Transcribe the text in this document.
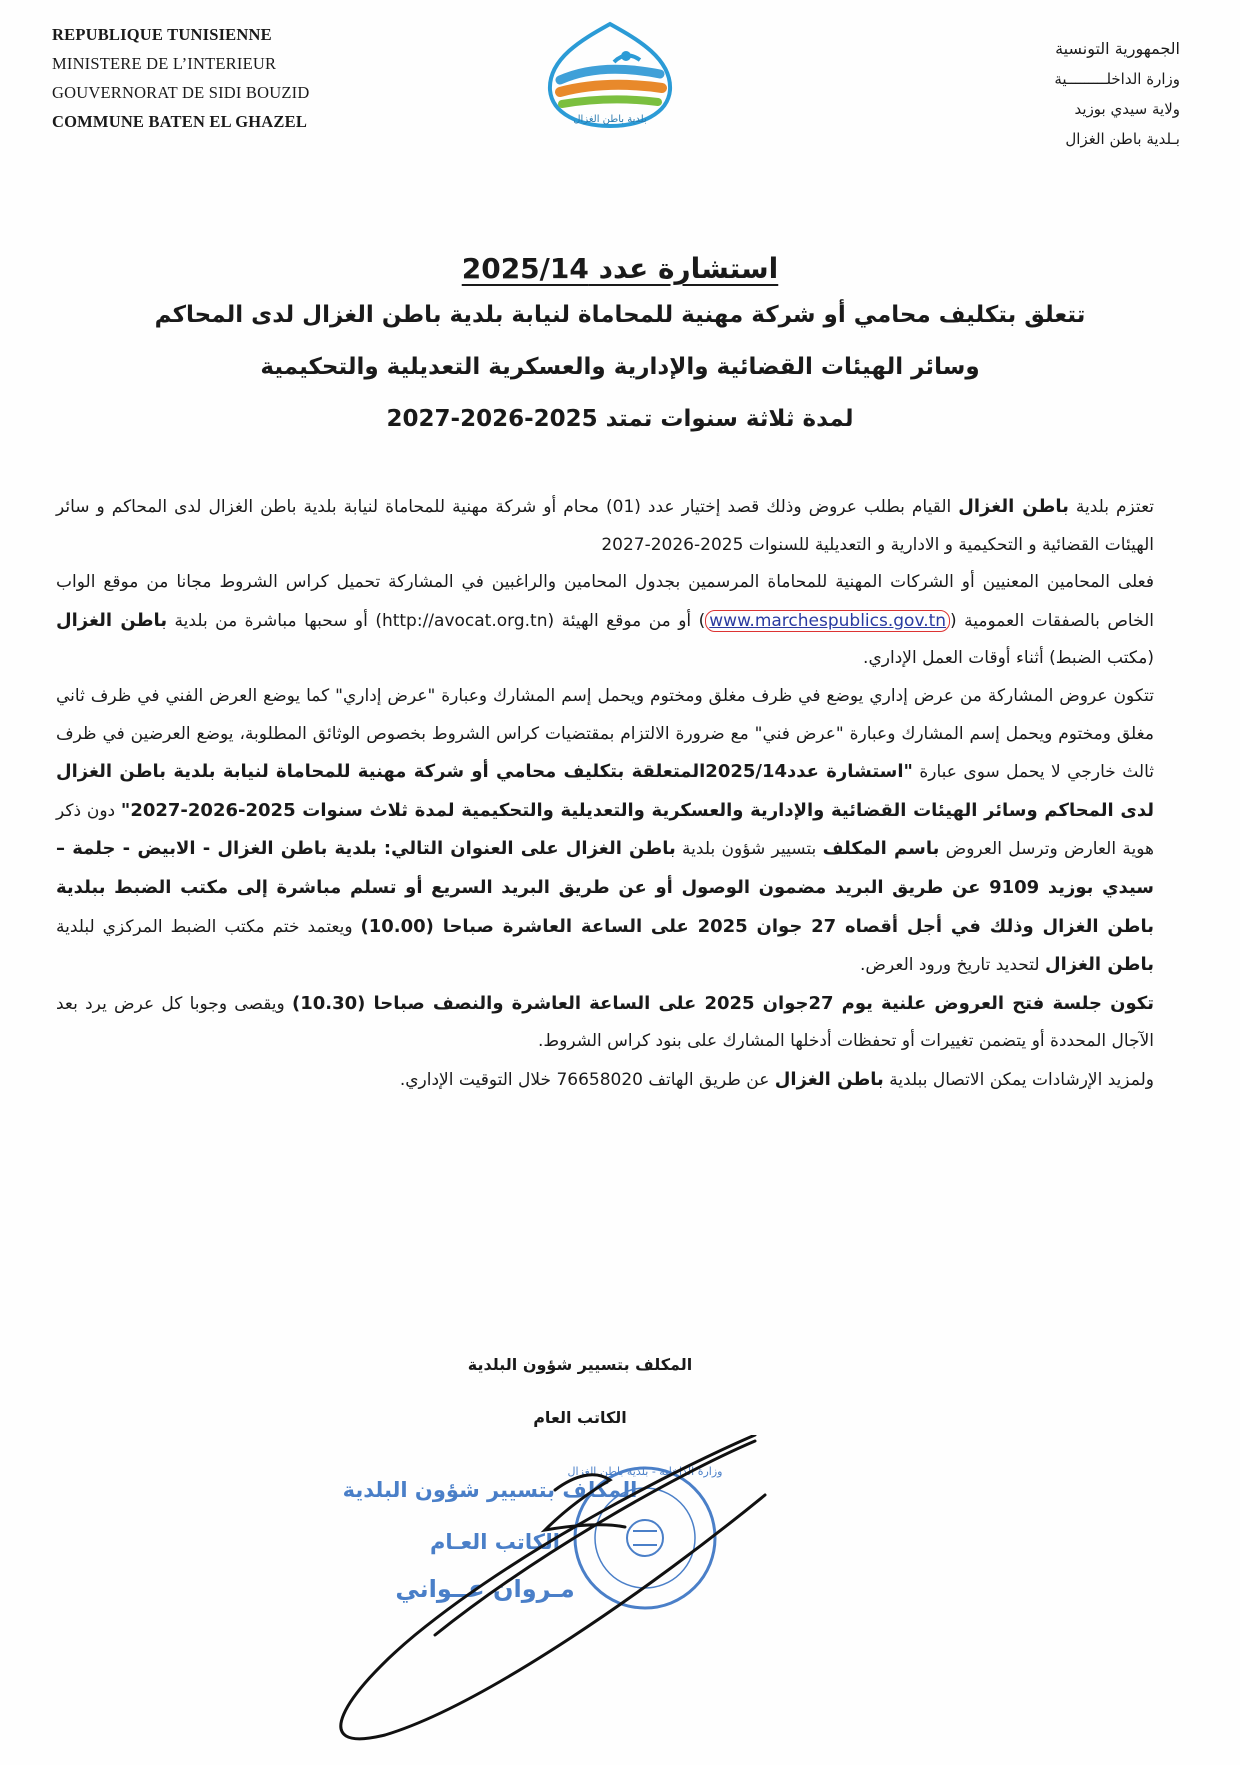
REPUBLIQUE TUNISIENNE
MINISTERE DE L’INTERIEUR
GOUVERNORAT DE SIDI BOUZID
COMMUNE BATEN EL GHAZEL	بلدية باطن الغزال
الجمهورية التونسية
وزارة الداخلـــــــــية
ولاية سيدي بوزيد
بـلدية باطن الغزال
استشارة عدد 2025/14
تتعلق بتكليف محامي أو شركة مهنية للمحاماة لنيابة بلدية باطن الغزال لدى المحاكم
وسائر الهيئات القضائية والإدارية والعسكرية التعديلية والتحكيمية
لمدة ثلاثة سنوات تمتد 2025-2026-2027

تعتزم بلدية باطن الغزال القيام بطلب عروض وذلك قصد إختيار عدد (01) محام أو شركة مهنية للمحاماة لنيابة بلدية باطن الغزال لدى المحاكم و سائر الهيئات القضائية و التحكيمية و الادارية و التعديلية للسنوات 2025-2026-2027

فعلى المحامين المعنيين أو الشركات المهنية للمحاماة المرسمين بجدول المحامين والراغبين في المشاركة تحميل كراس الشروط مجانا من موقع الواب الخاص بالصفقات العمومية (www.marchespublics.gov.tn) أو من موقع الهيئة (http://avocat.org.tn) أو سحبها مباشرة من بلدية باطن الغزال (مكتب الضبط) أثناء أوقات العمل الإداري.

تتكون عروض المشاركة من عرض إداري يوضع في ظرف مغلق ومختوم ويحمل إسم المشارك وعبارة "عرض إداري" كما يوضع العرض الفني في ظرف ثاني مغلق ومختوم ويحمل إسم المشارك وعبارة "عرض فني" مع ضرورة الالتزام بمقتضيات كراس الشروط بخصوص الوثائق المطلوبة، يوضع العرضين في ظرف ثالث خارجي لا يحمل سوى عبارة "استشارة عدد2025/14المتعلقة بتكليف محامي أو شركة مهنية للمحاماة لنيابة بلدية باطن الغزال لدى المحاكم وسائر الهيئات القضائية والإدارية والعسكرية والتعديلية والتحكيمية لمدة ثلاث سنوات 2025-2026-2027" دون ذكر هوية العارض وترسل العروض باسم المكلف بتسيير شؤون بلدية باطن الغزال على العنوان التالي: بلدية باطن الغزال - الابيض - جلمة – سيدي بوزيد 9109 عن طريق البريد مضمون الوصول أو عن طريق البريد السريع أو تسلم مباشرة إلى مكتب الضبط ببلدية باطن الغزال وذلك في أجل أقصاه 27 جوان 2025 على الساعة العاشرة صباحا (10.00) ويعتمد ختم مكتب الضبط المركزي لبلدية باطن الغزال لتحديد تاريخ ورود العرض.

تكون جلسة فتح العروض علنية يوم 27جوان 2025 على الساعة العاشرة والنصف صباحا (10.30) ويقصى وجوبا كل عرض يرد بعد الآجال المحددة أو يتضمن تغييرات أو تحفظات أدخلها المشارك على بنود كراس الشروط.

ولمزيد الإرشادات يمكن الاتصال ببلدية باطن الغزال عن طريق الهاتف 76658020 خلال التوقيت الإداري.

المكلف بتسيير شؤون البلدية
الكاتب العام
المكلف بتسيير شؤون البلدية
الكاتب العـام
مـروان عــواني
وزارة الداخلية - بلدية باطن الغزال
